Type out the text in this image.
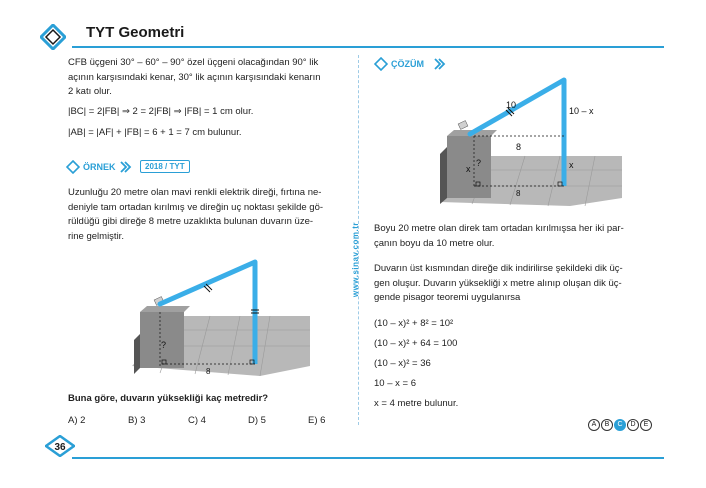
TYT Geometri
CFB üçgeni 30° – 60° – 90° özel üçgeni olacağından 90° lik
açının karşısındaki kenar, 30° lik açının karşısındaki kenarın
2 katı olur.
|BC| = 2|FB| ⇒ 2 = 2|FB| ⇒ |FB| = 1 cm olur.
|AB| = |AF| + |FB| = 6 + 1 = 7 cm bulunur.
ÖRNEK	2018 / TYT
Uzunluğu 20 metre olan mavi renkli elektrik direği, fırtına ne-
deniyle tam ortadan kırılmış ve direğin uç noktası şekilde gö-
rüldüğü gibi direğe 8 metre uzaklıkta bulunan duvarın üze-
rine gelmiştir.
?
8
Buna göre, duvarın yüksekliği kaç metredir?
A) 2	B) 3	C) 4	D) 5	E) 6
www.sinav.com.tr
ÇÖZÜM
x
?
10
10 – x
8
x
8
Boyu 20 metre olan direk tam ortadan kırılmışsa her iki par-
çanın boyu da 10 metre olur.
Duvarın üst kısmından direğe dik indirilirse şekildeki dik üç-
gen oluşur. Duvarın yüksekliği x metre alınıp oluşan dik üç-
gende pisagor teoremi uygulanırsa
(10 – x)² + 8² = 10²
(10 – x)² + 64 = 100
(10 – x)² = 36
10 – x = 6
x = 4 metre bulunur.
A B C D E
36
